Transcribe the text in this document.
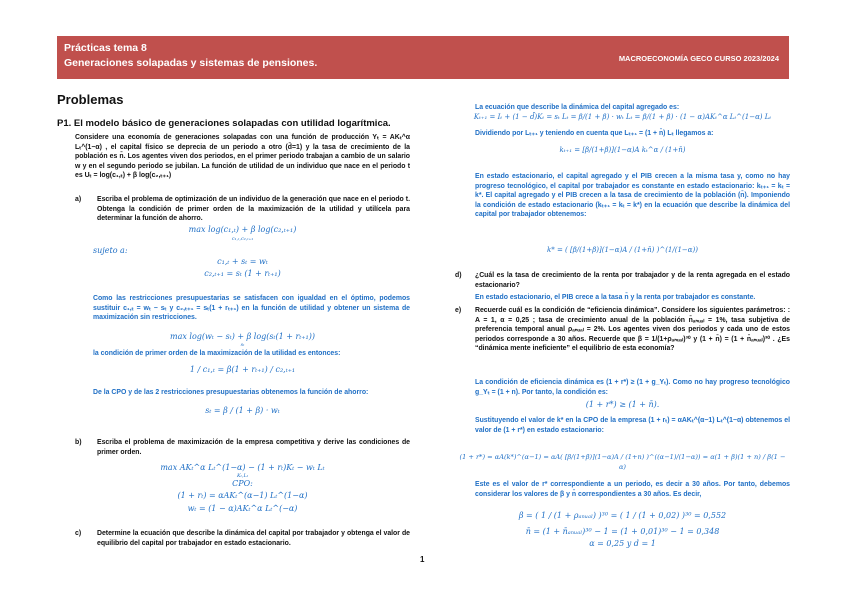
Prácticas tema 8
Generaciones solapadas y sistemas de pensiones.	MACROECONOMÍA GECO CURSO 2023/2024
Problemas
P1. El modelo básico de generaciones solapadas con utilidad logarítmica.
Considere una economía de generaciones solapadas con una función de producción Yₜ = AKₜ^α Lₜ^(1−α) , el capital físico se deprecia de un periodo a otro (d̄=1) y la tasa de crecimiento de la población es n̄. Los agentes viven dos periodos, en el primer periodo trabajan a cambio de un salario w y en el segundo periodo se jubilan. La función de utilidad de un individuo que nace en el periodo t es Uₜ = log(c₁,ₜ) + β log(c₂,ₜ₊₁)
a) Escriba el problema de optimización de un individuo de la generación que nace en el periodo t. Obtenga la condición de primer orden de la maximización de la utilidad y utilícela para determinar la función de ahorro.
max log(c₁,ₜ) + β log(c₂,ₜ₊₁)
c₁,ₜ,c₂,ₜ₊₁
sujeto a:
c₁,ₜ + sₜ = wₜ
c₂,ₜ₊₁ = sₜ (1 + rₜ₊₁)
Como las restricciones presupuestarias se satisfacen con igualdad en el óptimo, podemos sustituir c₁,ₜ = wₜ − sₜ y c₂,ₜ₊₁ = sₜ(1 + rₜ₊₁) en la función de utilidad y obtener un sistema de maximización sin restricciones.
max log(wₜ − sₜ) + β log(sₜ(1 + rₜ₊₁))
sₜ
la condición de primer orden de la maximización de la utilidad es entonces:
1 / c₁,ₜ = β(1 + rₜ₊₁) / c₂,ₜ₊₁
De la CPO y de las 2 restricciones presupuestarias obtenemos la función de ahorro:
sₜ = β / (1 + β) · wₜ
b) Escriba el problema de maximización de la empresa competitiva y derive las condiciones de primer orden.
max AKₜ^α Lₜ^(1−α) − (1 + rₜ)Kₜ − wₜ Lₜ
Kₜ,Lₜ
CPO:
(1 + rₜ) = αAKₜ^(α−1) Lₜ^(1−α)
wₜ = (1 − α)AKₜ^α Lₜ^(−α)
c) Determine la ecuación que describe la dinámica del capital por trabajador y obtenga el valor de equilibrio del capital por trabajador en estado estacionario.
La ecuación que describe la dinámica del capital agregado es:
Kₜ₊₁ = Iₜ + (1 − d̄)Kₜ = sₜ Lₜ = β/(1 + β) · wₜ Lₜ = β/(1 + β) · (1 − α)AKₜ^α Lₜ^(1−α) Lₜ
Dividiendo por Lₜ₊₁ y teniendo en cuenta que Lₜ₊₁ = (1 + n̄) Lₜ llegamos a:
kₜ₊₁ = [β/(1+β)](1−α)A kₜ^α / (1+n̄)
En estado estacionario, el capital agregado y el PIB crecen a la misma tasa y, como no hay progreso tecnológico, el capital por trabajador es constante en estado estacionario: kₜ₊₁ = kₜ = k*. El capital agregado y el PIB crecen a la tasa de crecimiento de la población (n̄). Imponiendo la condición de estado estacionario (kₜ₊₁ = kₜ = k*) en la ecuación que describe la dinámica del capital por trabajador obtenemos:
k* = ( [β/(1+β)](1−α)A / (1+n̄) )^(1/(1−α))
d) ¿Cuál es la tasa de crecimiento de la renta por trabajador y de la renta agregada en el estado estacionario?
En estado estacionario, el PIB crece a la tasa n̄ y la renta por trabajador es constante.
e) Recuerde cuál es la condición de “eficiencia dinámica”. Considere los siguientes parámetros: : A = 1, α = 0,25 ; tasa de crecimiento anual de la población n̄ₐₙᵤₐₗ = 1%, tasa subjetiva de preferencia temporal anual ρₐₙᵤₐₗ = 2%. Los agentes viven dos periodos y cada uno de estos periodos corresponde a 30 años. Recuerde que β = 1/(1+ρₐₙᵤₐₗ)³⁰ y (1 + n̄) = (1 + n̄ₐₙᵤₐₗ)³⁰ . ¿Es “dinámica mente ineficiente” el equilibrio de esta economía?
La condición de eficiencia dinámica es (1 + r*) ≥ (1 + g_Yₜ). Como no hay progreso tecnológico g_Yₜ = (1 + n). Por tanto, la condición es:
(1 + r*) ≥ (1 + n̄).
Sustituyendo el valor de k* en la CPO de la empresa (1 + rₜ) = αAKₜ^(α−1) Lₜ^(1−α) obtenemos el valor de (1 + r*) en estado estacionario:
(1 + r*) = αA(k*)^(α−1) = αA( [β/(1+β)](1−α)A / (1+n) )^((α−1)/(1−α)) = α(1 + β)(1 + n) / β(1 − α)
Este es el valor de r* correspondiente a un periodo, es decir a 30 años. Por tanto, debemos considerar los valores de β y n̄ correspondientes a 30 años. Es decir,
β = ( 1 / (1 + ρₐₙᵤₐₗ) )³⁰ = ( 1 / (1 + 0,02) )³⁰ = 0,552
n̄ = (1 + n̄ₐₙᵤₐₗ)³⁰ − 1 = (1 + 0,01)³⁰ − 1 = 0,348
α = 0,25 y d = 1
1
